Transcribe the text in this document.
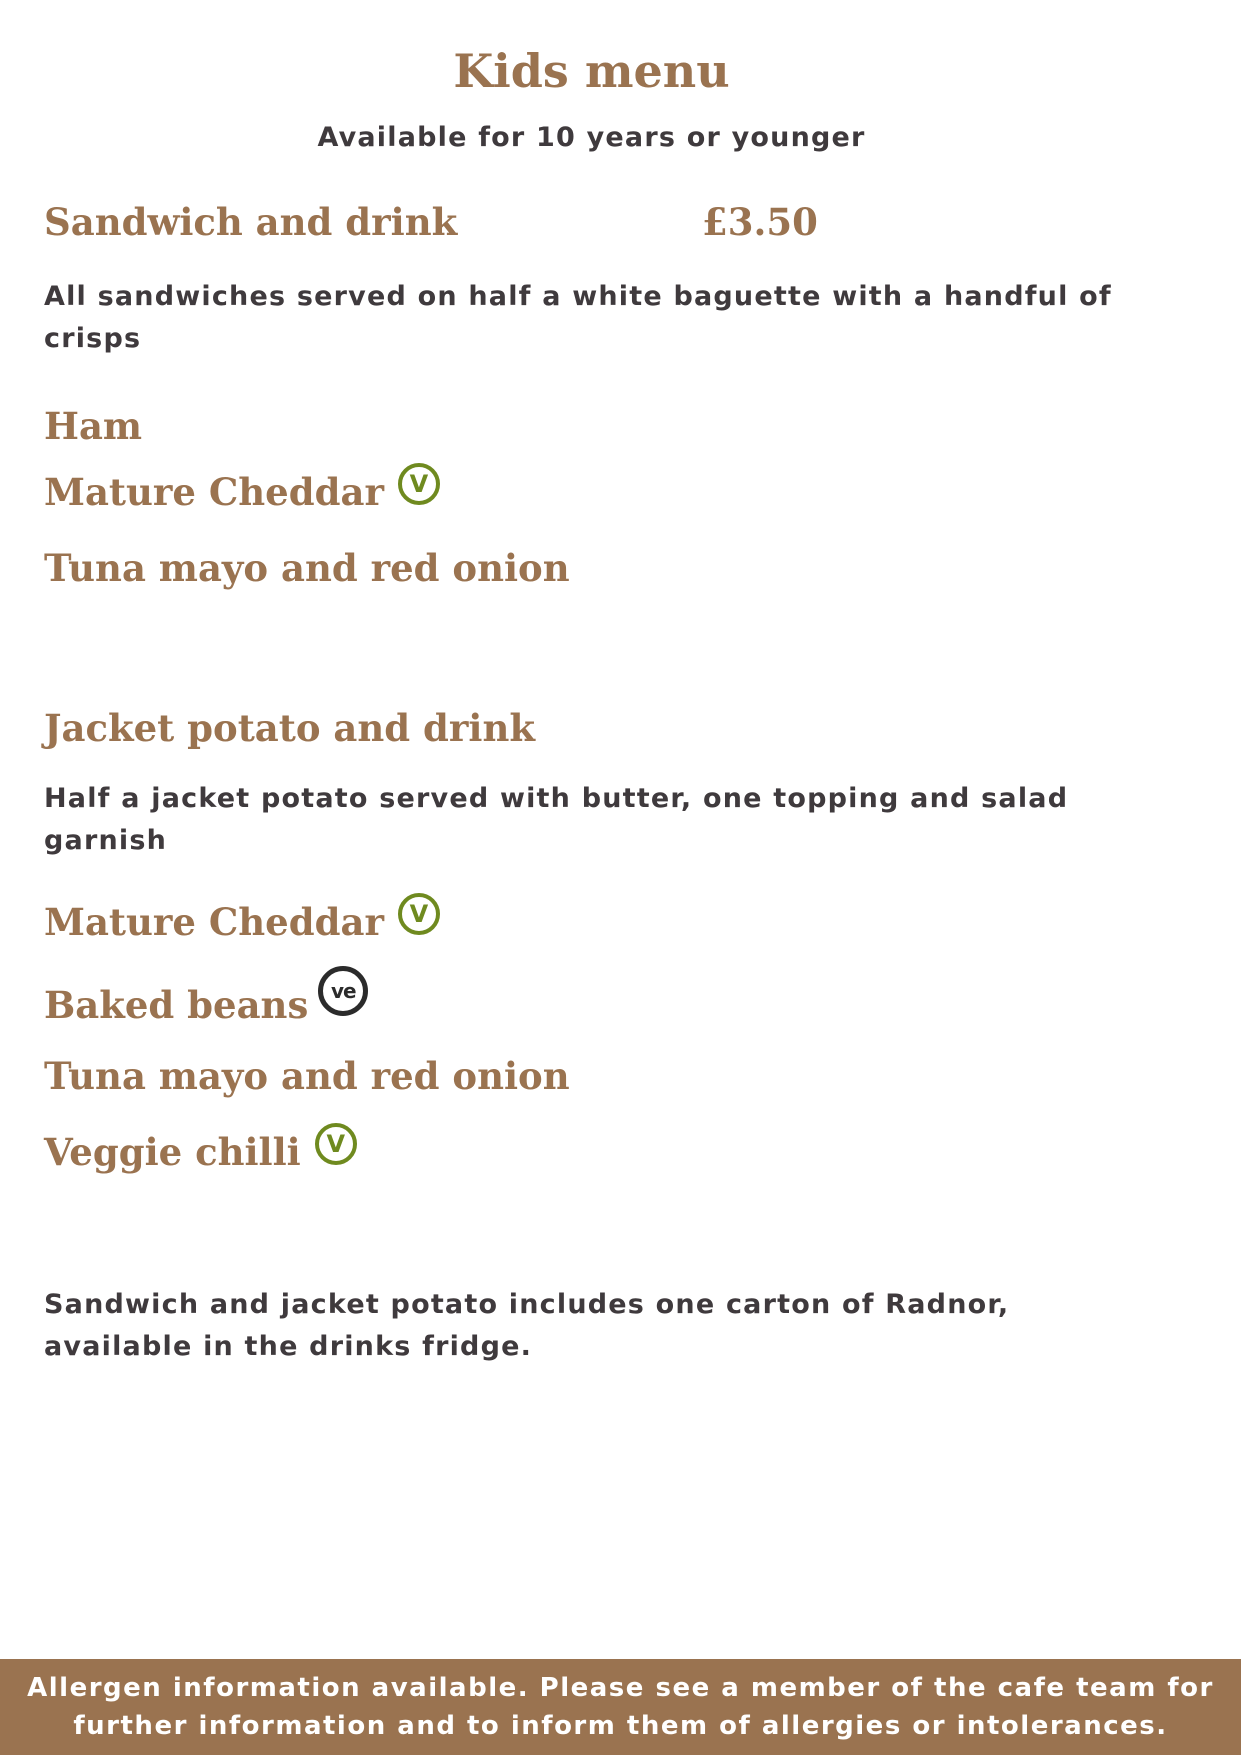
Kids menu
Available for 10 years or younger
Sandwich and drink	£3.50
All sandwiches served on half a white baguette with a handful of crisps
Ham
Mature Cheddar	V
Tuna mayo and red onion
Jacket potato and drink
Half a jacket potato served with butter, one topping and salad garnish
Mature Cheddar	V
Baked beans	ve
Tuna mayo and red onion
Veggie chilli	V
Sandwich and jacket potato includes one carton of Radnor, available in the drinks fridge.
Allergen information available. Please see a member of the cafe team for further information and to inform them of allergies or intolerances.
